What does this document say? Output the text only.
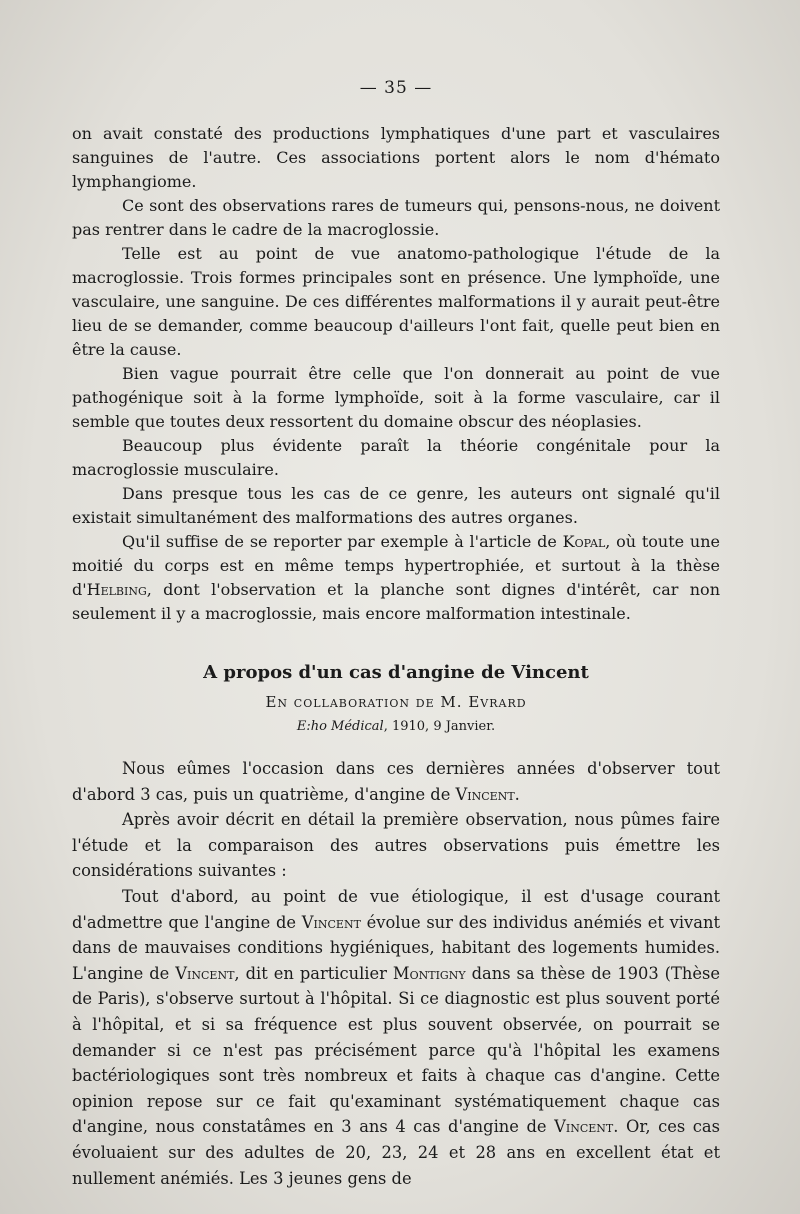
— 35 —

on avait constaté des productions lymphatiques d'une part et vasculaires sanguines de l'autre. Ces associations portent alors le nom d'hémato lymphangiome.

Ce sont des observations rares de tumeurs qui, pensons-nous, ne doivent pas rentrer dans le cadre de la macroglossie.

Telle est au point de vue anatomo-pathologique l'étude de la macroglossie. Trois formes principales sont en présence. Une lymphoïde, une vasculaire, une sanguine. De ces différentes malformations il y aurait peut-être lieu de se demander, comme beaucoup d'ailleurs l'ont fait, quelle peut bien en être la cause.

Bien vague pourrait être celle que l'on donnerait au point de vue pathogénique soit à la forme lymphoïde, soit à la forme vasculaire, car il semble que toutes deux ressortent du domaine obscur des néoplasies.

Beaucoup plus évidente paraît la théorie congénitale pour la macroglossie musculaire.

Dans presque tous les cas de ce genre, les auteurs ont signalé qu'il existait simultanément des malformations des autres organes.

Qu'il suffise de se reporter par exemple à l'article de Kopal, où toute une moitié du corps est en même temps hypertrophiée, et surtout à la thèse d'Helbing, dont l'observation et la planche sont dignes d'intérêt, car non seulement il y a macroglossie, mais encore malformation intestinale.

A propos d'un cas d'angine de Vincent
En collaboration de M. Evrard
E:ho Médical, 1910, 9 Janvier.

Nous eûmes l'occasion dans ces dernières années d'observer tout d'abord 3 cas, puis un quatrième, d'angine de Vincent.

Après avoir décrit en détail la première observation, nous pûmes faire l'étude et la comparaison des autres observations puis émettre les considérations suivantes :

Tout d'abord, au point de vue étiologique, il est d'usage courant d'admettre que l'angine de Vincent évolue sur des individus anémiés et vivant dans de mauvaises conditions hygiéniques, habitant des logements humides. L'angine de Vincent, dit en particulier Montigny dans sa thèse de 1903 (Thèse de Paris), s'observe surtout à l'hôpital. Si ce diagnostic est plus souvent porté à l'hôpital, et si sa fréquence est plus souvent observée, on pourrait se demander si ce n'est pas précisément parce qu'à l'hôpital les examens bactériologiques sont très nombreux et faits à chaque cas d'angine. Cette opinion repose sur ce fait qu'examinant systématiquement chaque cas d'angine, nous constatâmes en 3 ans 4 cas d'angine de Vincent. Or, ces cas évoluaient sur des adultes de 20, 23, 24 et 28 ans en excellent état et nullement anémiés. Les 3 jeunes gens de
